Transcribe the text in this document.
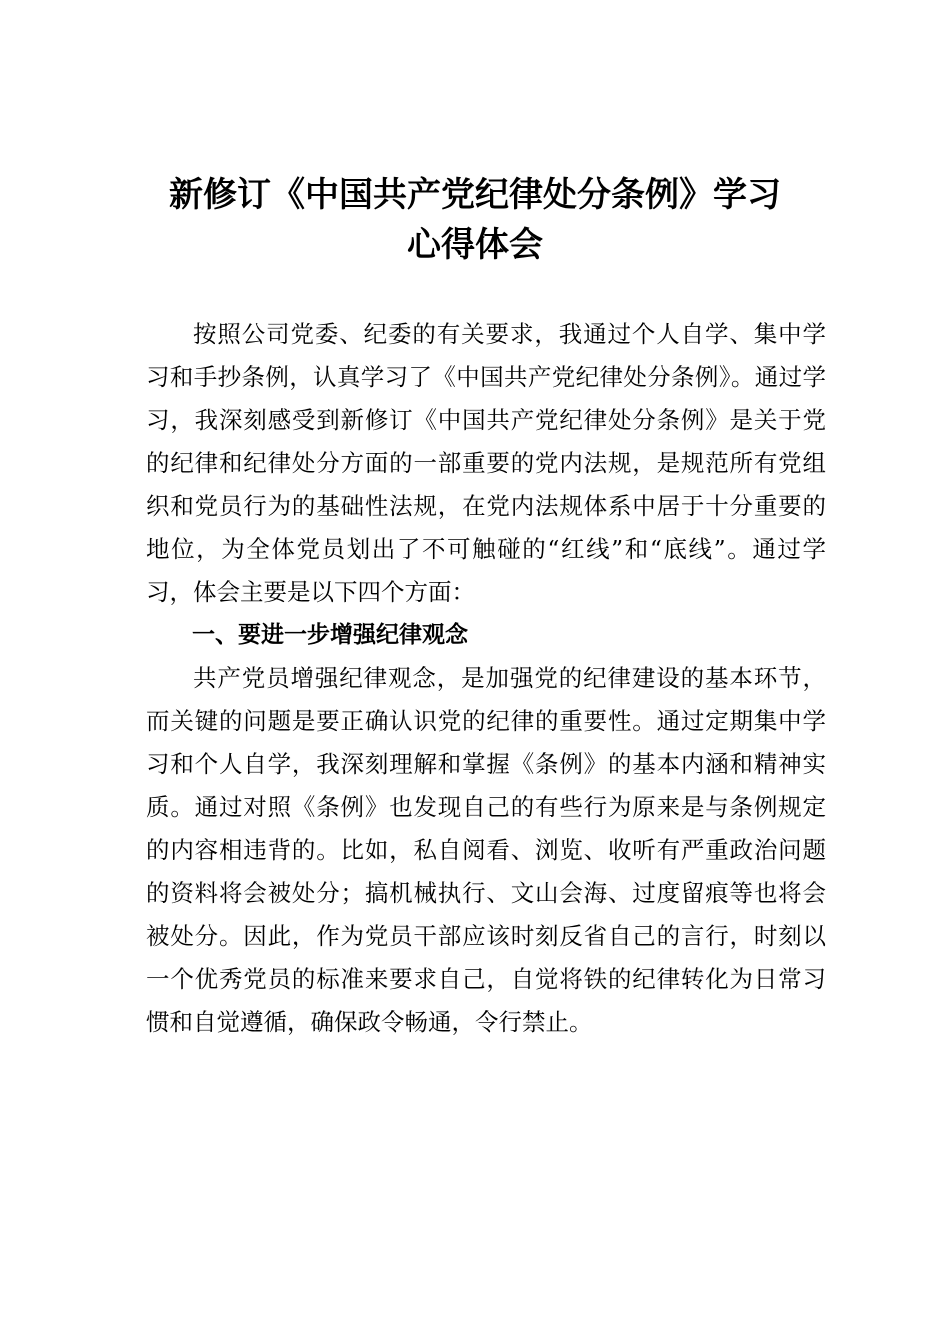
新修订《中国共产党纪律处分条例》学习
心得体会

按照公司党委、纪委的有关要求，我通过个人自学、集中学习和手抄条例，认真学习了《中国共产党纪律处分条例》。通过学习，我深刻感受到新修订《中国共产党纪律处分条例》是关于党的纪律和纪律处分方面的一部重要的党内法规，是规范所有党组织和党员行为的基础性法规，在党内法规体系中居于十分重要的地位，为全体党员划出了不可触碰的“红线”和“底线”。通过学习，体会主要是以下四个方面：

一、要进一步增强纪律观念

共产党员增强纪律观念，是加强党的纪律建设的基本环节，而关键的问题是要正确认识党的纪律的重要性。通过定期集中学习和个人自学，我深刻理解和掌握《条例》的基本内涵和精神实质。通过对照《条例》也发现自己的有些行为原来是与条例规定的内容相违背的。比如，私自阅看、浏览、收听有严重政治问题的资料将会被处分；搞机械执行、文山会海、过度留痕等也将会被处分。因此，作为党员干部应该时刻反省自己的言行，时刻以一个优秀党员的标准来要求自己，自觉将铁的纪律转化为日常习惯和自觉遵循，确保政令畅通，令行禁止。
